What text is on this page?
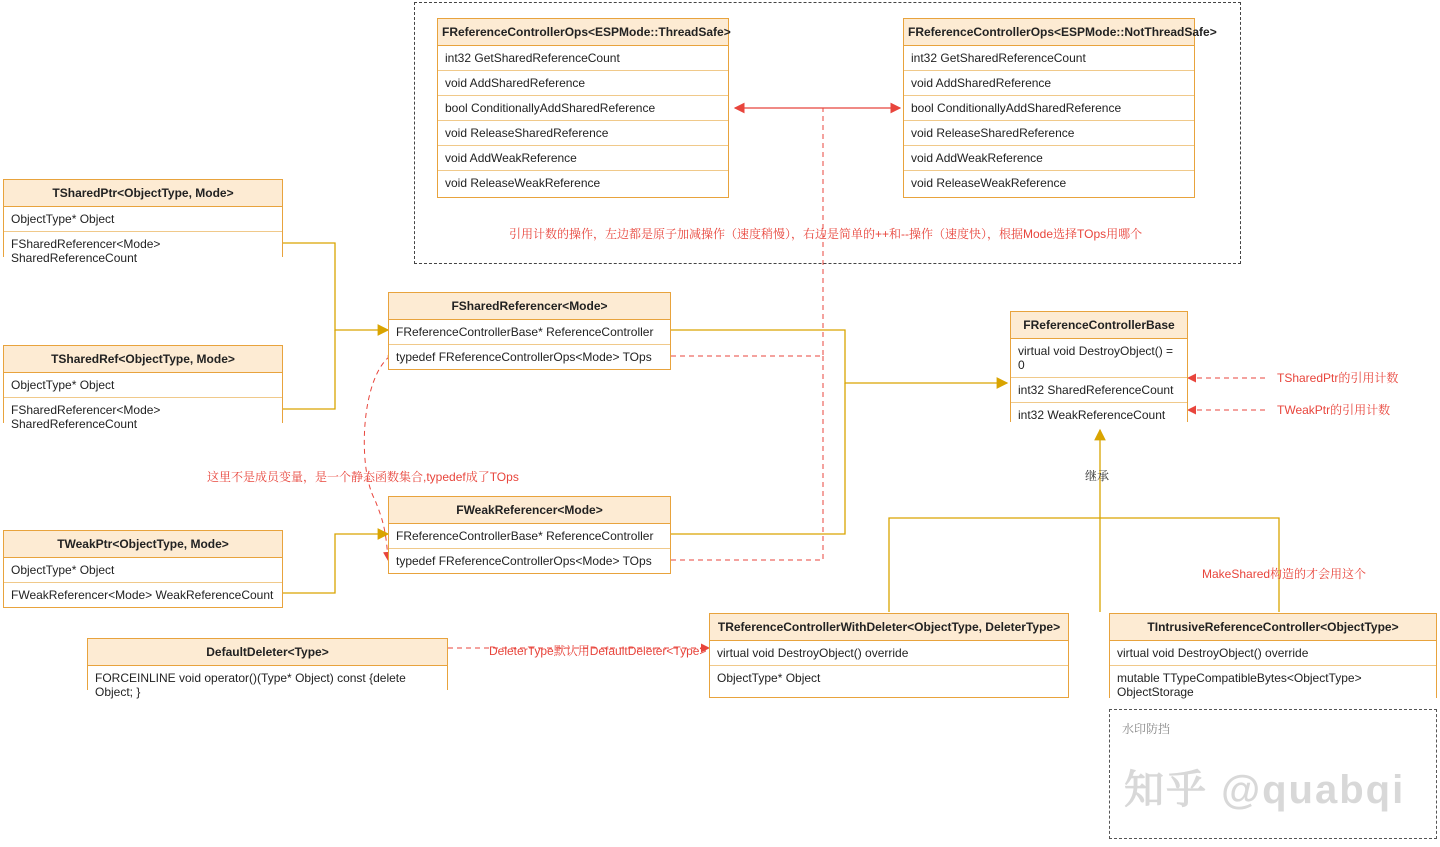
FReferenceControllerOps<ESPMode::ThreadSafe>
int32 GetSharedReferenceCount
void AddSharedReference
bool ConditionallyAddSharedReference
void ReleaseSharedReference
void AddWeakReference
void ReleaseWeakReference
FReferenceControllerOps<ESPMode::NotThreadSafe>
int32 GetSharedReferenceCount
void AddSharedReference
bool ConditionallyAddSharedReference
void ReleaseSharedReference
void AddWeakReference
void ReleaseWeakReference
引用计数的操作，左边都是原子加减操作（速度稍慢），右边是简单的++和--操作（速度快），根据Mode选择TOps用哪个
TSharedPtr<ObjectType, Mode>
ObjectType* Object
FSharedReferencer<Mode> SharedReferenceCount
TSharedRef<ObjectType, Mode>
ObjectType* Object
FSharedReferencer<Mode> SharedReferenceCount
TWeakPtr<ObjectType, Mode>
ObjectType* Object
FWeakReferencer<Mode> WeakReferenceCount
FSharedReferencer<Mode>
FReferenceControllerBase* ReferenceController
typedef FReferenceControllerOps<Mode> TOps
FWeakReferencer<Mode>
FReferenceControllerBase* ReferenceController
typedef FReferenceControllerOps<Mode> TOps
FReferenceControllerBase
virtual void DestroyObject() = 0
int32 SharedReferenceCount
int32 WeakReferenceCount
DefaultDeleter<Type>
FORCEINLINE void operator()(Type* Object) const {delete Object; }
TReferenceControllerWithDeleter<ObjectType, DeleterType>
virtual void DestroyObject() override
ObjectType* Object
TIntrusiveReferenceController<ObjectType>
virtual void DestroyObject() override
mutable TTypeCompatibleBytes<ObjectType> ObjectStorage
这里不是成员变量，是一个静态函数集合,typedef成了TOps
DeleterType默认用DefaultDeleter<Type>
TSharedPtr的引用计数
TWeakPtr的引用计数
继承
MakeShared构造的才会用这个
水印防挡
知乎 @quabqi
